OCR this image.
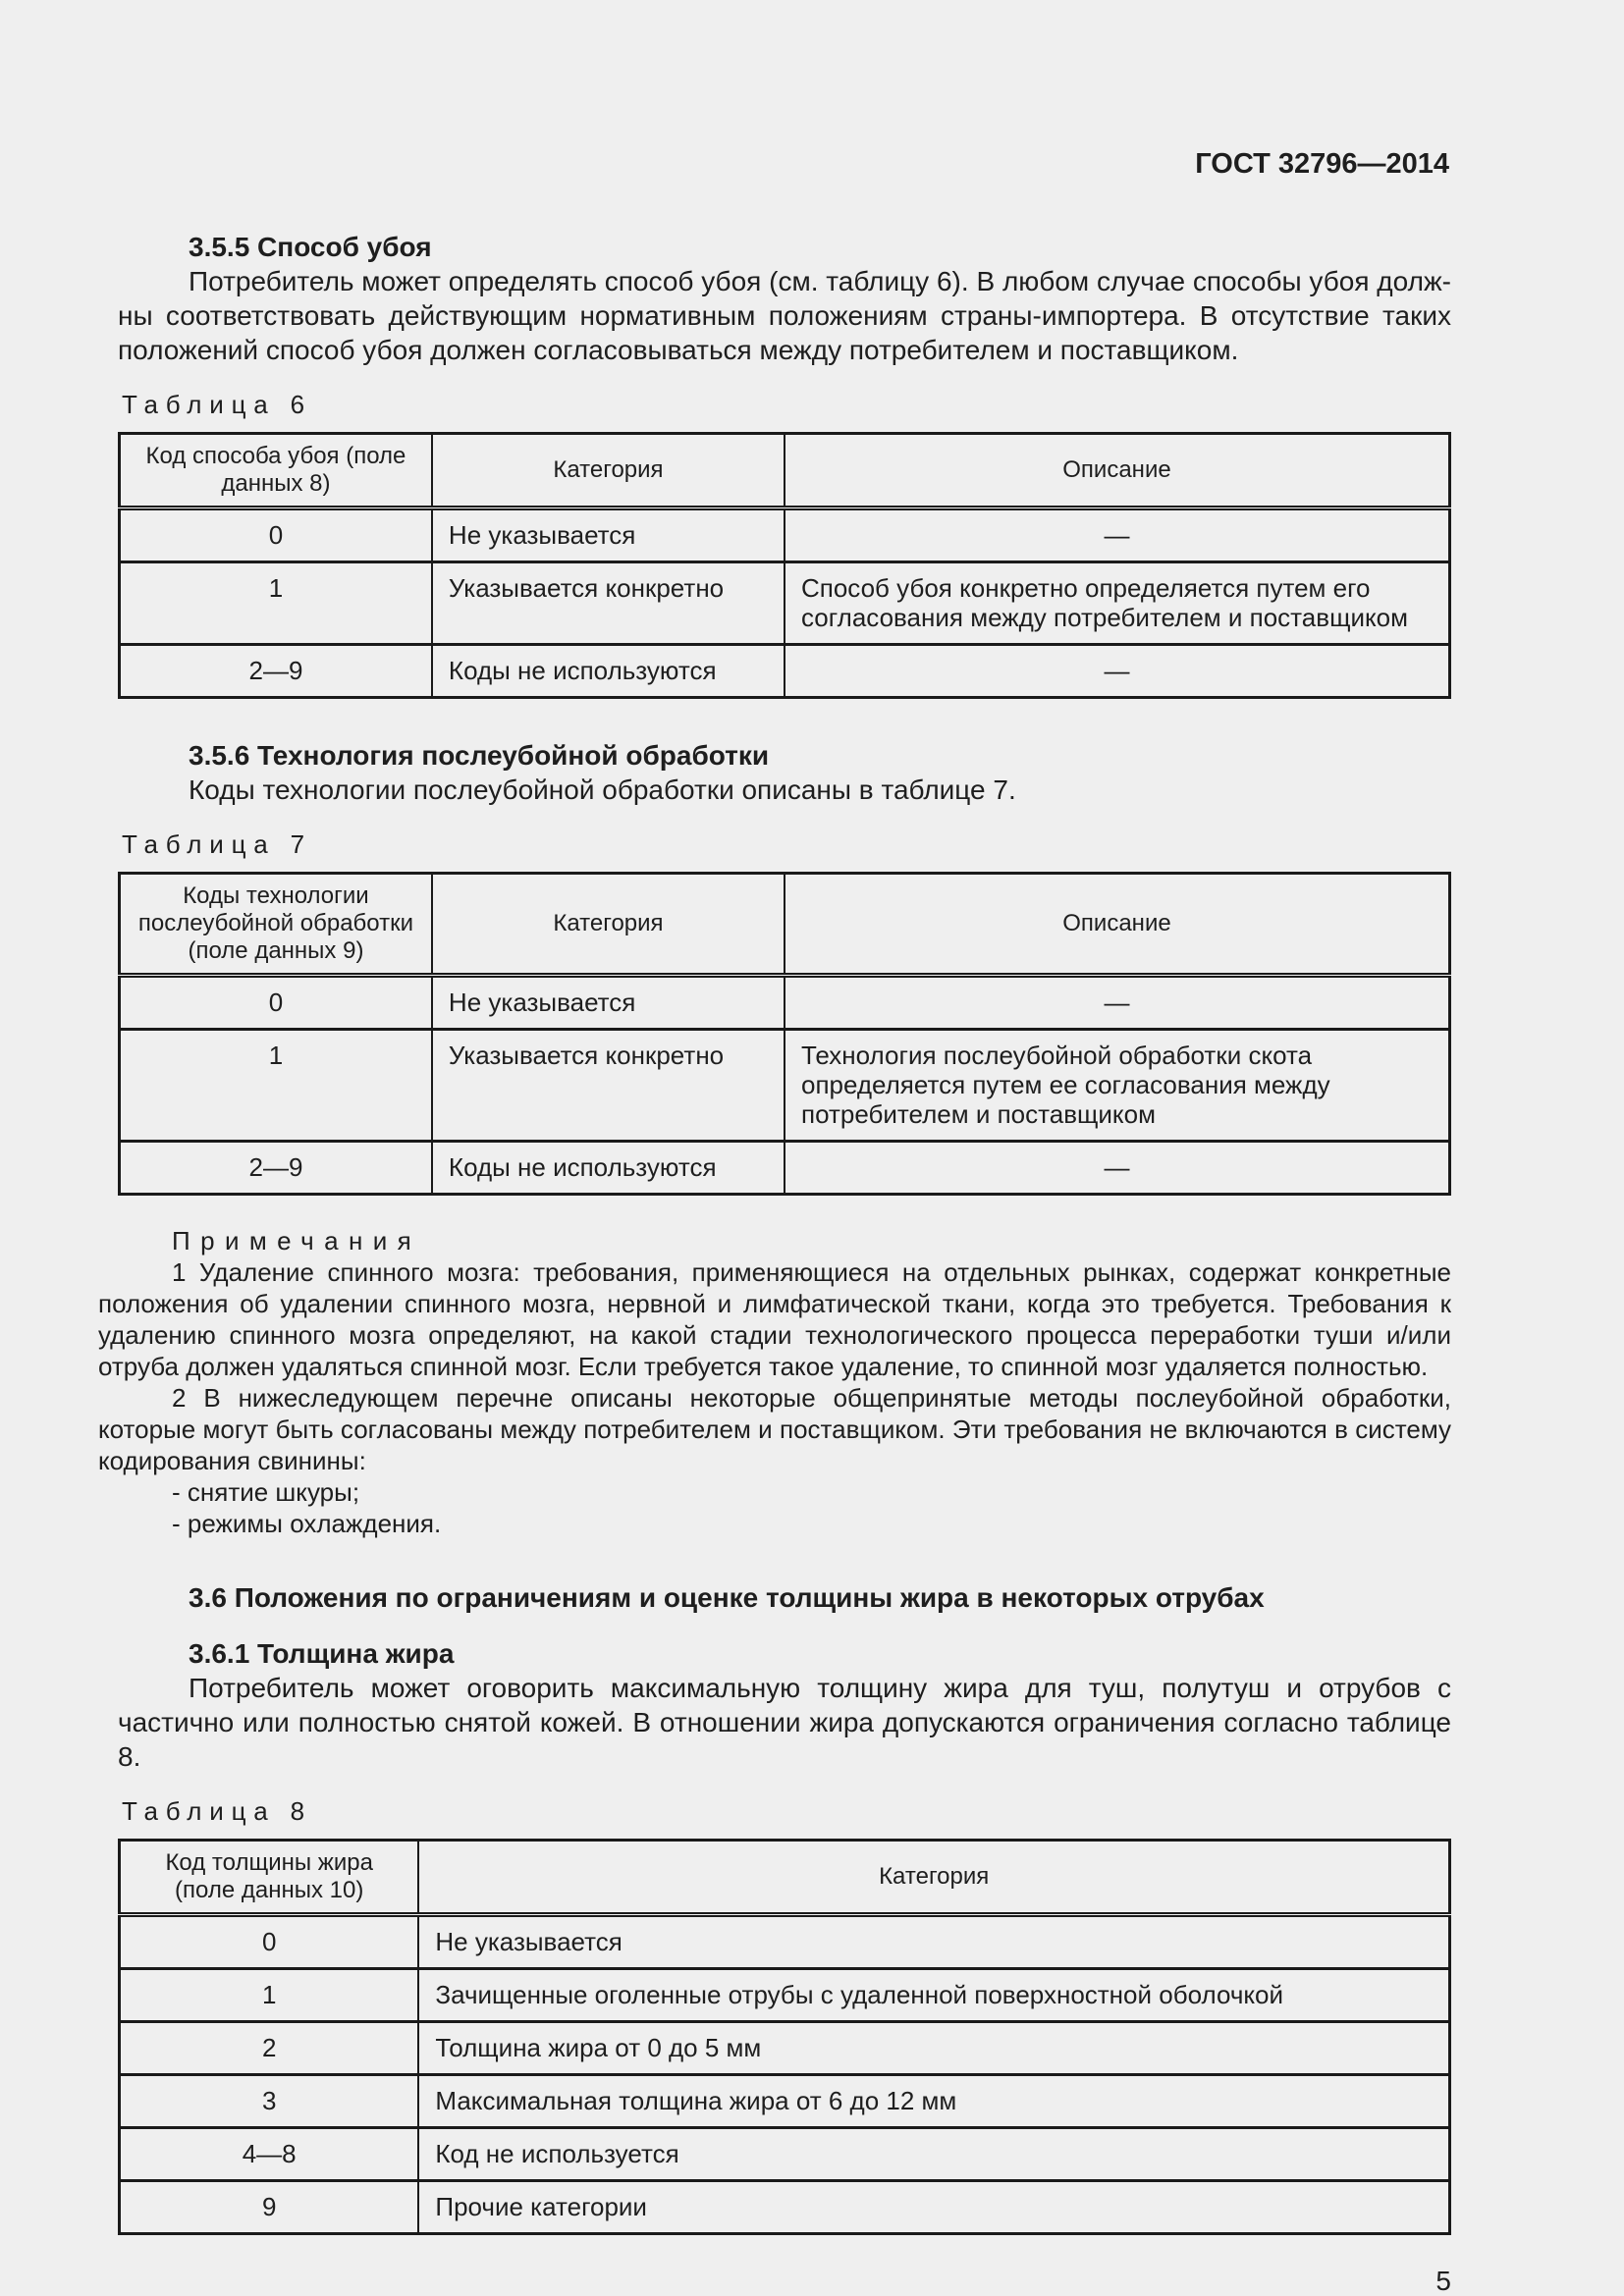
ГОСТ 32796—2014

3.5.5 Способ убоя

Потребитель может определять способ убоя (см. таблицу 6). В любом случае способы убоя должны соответствовать действующим нормативным положениям страны-импортера. В отсутствие таких положений способ убоя должен согласовываться между потребителем и поставщиком.

Таблица 6

Код способа убоя (поле данных 8)	Категория	Описание
0	Не указывается	—
1	Указывается конкретно	Способ убоя конкретно определяется путем его согласования между потребителем и поставщиком
2—9	Коды не используются	—

3.5.6 Технология послеубойной обработки

Коды технологии послеубойной обработки описаны в таблице 7.

Таблица 7

Коды технологии послеубойной обработки (поле данных 9)	Категория	Описание
0	Не указывается	—
1	Указывается конкретно	Технология послеубойной обработки скота определяется путем ее согласования между потребителем и поставщиком
2—9	Коды не используются	—

Примечания

1 Удаление спинного мозга: требования, применяющиеся на отдельных рынках, содержат конкретные положения об удалении спинного мозга, нервной и лимфатической ткани, когда это требуется. Требования к удалению спинного мозга определяют, на какой стадии технологического процесса переработки туши и/или отруба должен удаляться спинной мозг. Если требуется такое удаление, то спинной мозг удаляется полностью.

2 В нижеследующем перечне описаны некоторые общепринятые методы послеубойной обработки, которые могут быть согласованы между потребителем и поставщиком. Эти требования не включаются в систему кодирования свинины:

- снятие шкуры;

- режимы охлаждения.

3.6 Положения по ограничениям и оценке толщины жира в некоторых отрубах

3.6.1 Толщина жира

Потребитель может оговорить максимальную толщину жира для туш, полутуш и отрубов с частично или полностью снятой кожей. В отношении жира допускаются ограничения согласно таблице 8.

Таблица 8

Код толщины жира (поле данных 10)	Категория
0	Не указывается
1	Зачищенные оголенные отрубы с удаленной поверхностной оболочкой
2	Толщина жира от 0 до 5 мм
3	Максимальная толщина жира от 6 до 12 мм
4—8	Код не используется
9	Прочие категории
5
